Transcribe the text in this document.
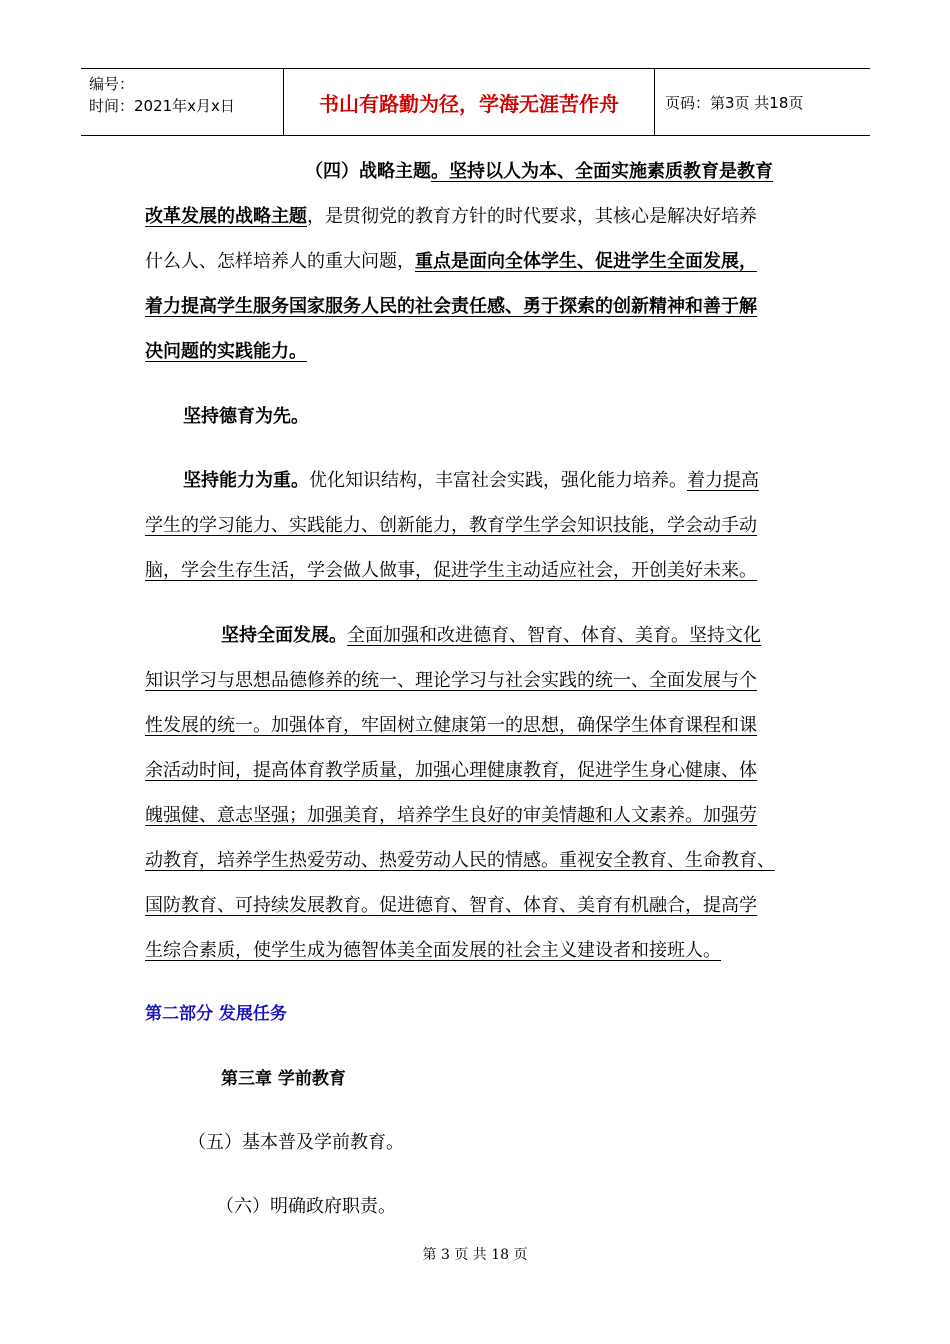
编号：
时间：2021年x月x日	书山有路勤为径，学海无涯苦作舟	页码：第3页 共18页
（四）战略主题。坚持以人为本、全面实施素质教育是教育
改革发展的战略主题，是贯彻党的教育方针的时代要求，其核心是解决好培养
什么人、怎样培养人的重大问题，重点是面向全体学生、促进学生全面发展，
着力提高学生服务国家服务人民的社会责任感、勇于探索的创新精神和善于解
决问题的实践能力。
坚持德育为先。
坚持能力为重。优化知识结构，丰富社会实践，强化能力培养。着力提高
学生的学习能力、实践能力、创新能力，教育学生学会知识技能，学会动手动
脑，学会生存生活，学会做人做事，促进学生主动适应社会，开创美好未来。
坚持全面发展。全面加强和改进德育、智育、体育、美育。坚持文化
知识学习与思想品德修养的统一、理论学习与社会实践的统一、全面发展与个
性发展的统一。加强体育，牢固树立健康第一的思想，确保学生体育课程和课
余活动时间，提高体育教学质量，加强心理健康教育，促进学生身心健康、体
魄强健、意志坚强；加强美育，培养学生良好的审美情趣和人文素养。加强劳
动教育，培养学生热爱劳动、热爱劳动人民的情感。重视安全教育、生命教育、
国防教育、可持续发展教育。促进德育、智育、体育、美育有机融合，提高学
生综合素质，使学生成为德智体美全面发展的社会主义建设者和接班人。
第二部分 发展任务
第三章 学前教育
（五）基本普及学前教育。
（六）明确政府职责。
第 3 页 共 18 页
